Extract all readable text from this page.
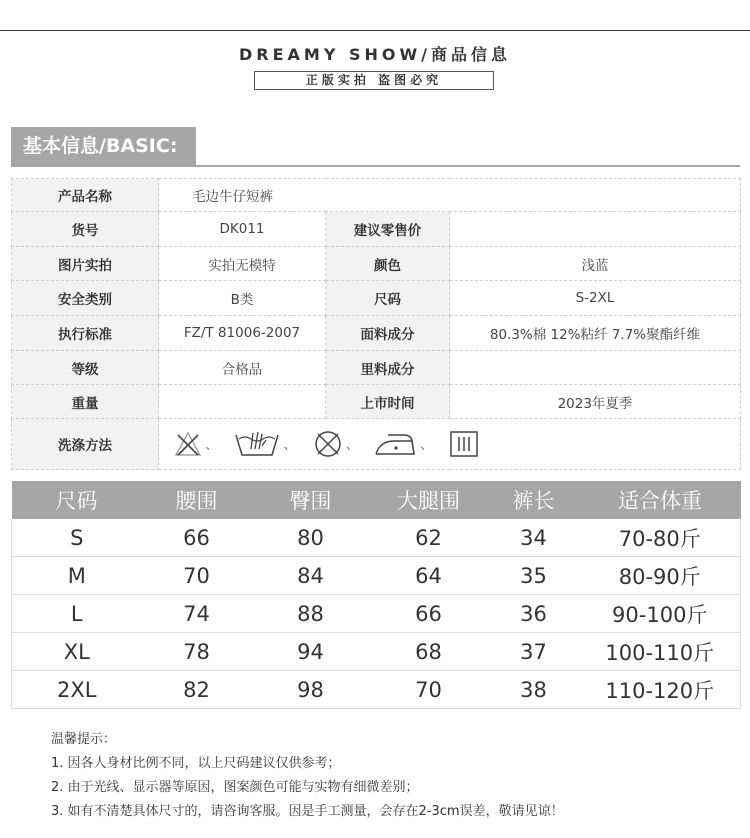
DREAMY SHOW/商品信息
正版实拍 盗图必究
基本信息/BASIC:
产品名称	毛边牛仔短裤		
货号	DK011	建议零售价	
图片实拍	实拍无模特	颜色	浅蓝
安全类别	B类	尺码	S-2XL
执行标准	FZ/T 81006-2007	面料成分	80.3%棉 12%粘纤 7.7%聚酯纤维
等级	合格品	里料成分	
重量		上市时间	2023年夏季
洗涤方法	、 、 、 、		
尺码	腰围	臀围	大腿围	裤长	适合体重
S	66	80	62	34	70-80斤
M	70	84	64	35	80-90斤
L	74	88	66	36	90-100斤
XL	78	94	68	37	100-110斤
2XL	82	98	70	38	110-120斤

温馨提示：

1. 因各人身材比例不同，以上尺码建议仅供参考；

2. 由于光线、显示器等原因，图案颜色可能与实物有细微差别；

3. 如有不清楚具体尺寸的，请咨询客服。因是手工测量，会存在2-3cm误差，敬请见谅！
